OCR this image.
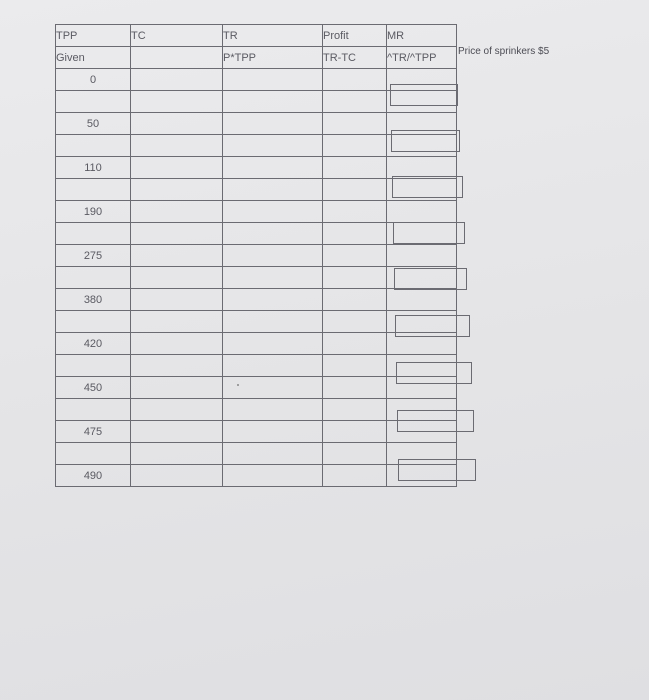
TPP	TC	TR	Profit	MR
Given		P*TPP	TR-TC	^TR/^TPP
0				

50				

110				

190				

275				

380				

420				

450				

475				

490				
Price of sprinkers $5
